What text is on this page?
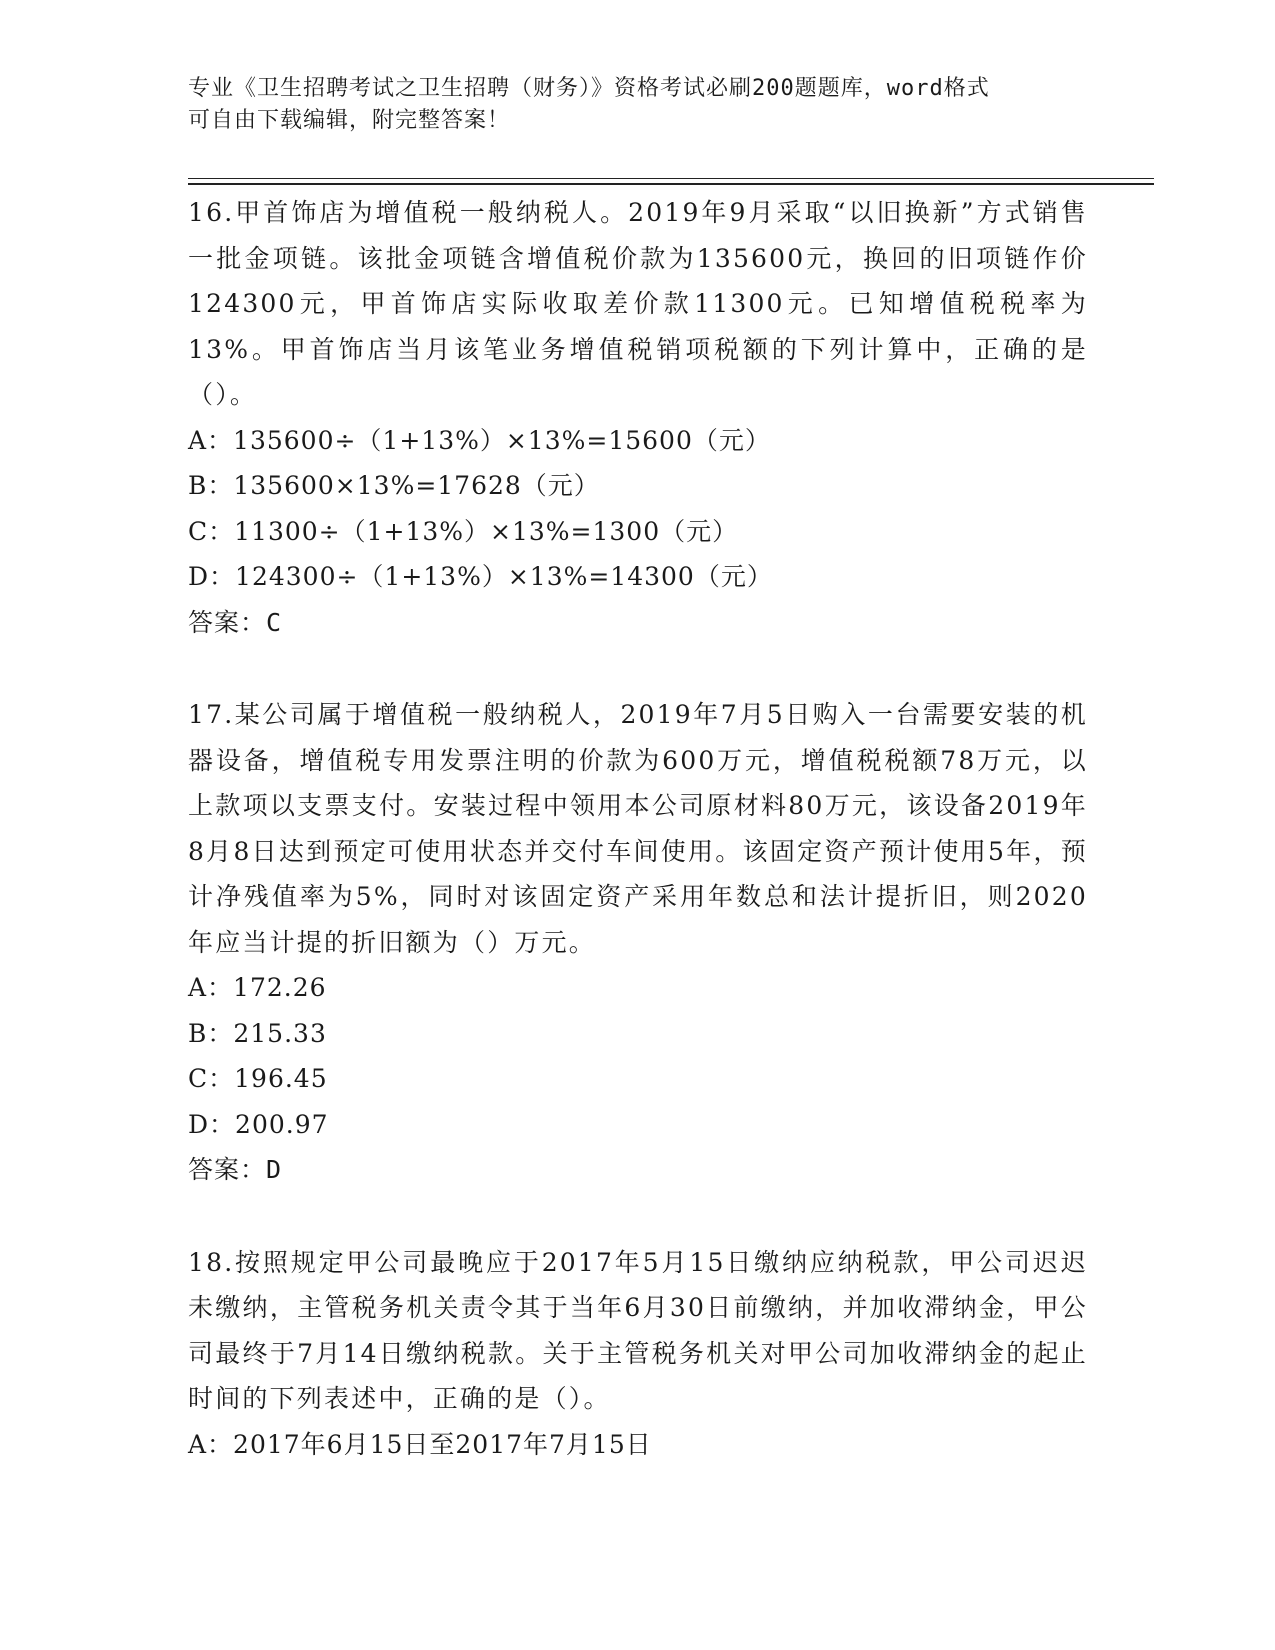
专业《卫生招聘考试之卫生招聘（财务）》资格考试必刷200题题库，word格式
可自由下载编辑，附完整答案！

16.甲首饰店为增值税一般纳税人。2019年9月采取“以旧换新”方式销售一批金项链。该批金项链含增值税价款为135600元，换回的旧项链作价124300元，甲首饰店实际收取差价款11300元。已知增值税税率为13%。甲首饰店当月该笔业务增值税销项税额的下列计算中，正确的是（）。

A：135600÷（1+13%）×13%=15600（元）

B：135600×13%=17628（元）

C：11300÷（1+13%）×13%=1300（元）

D：124300÷（1+13%）×13%=14300（元）

答案：C

17.某公司属于增值税一般纳税人，2019年7月5日购入一台需要安装的机器设备，增值税专用发票注明的价款为600万元，增值税税额78万元，以上款项以支票支付。安装过程中领用本公司原材料80万元，该设备2019年8月8日达到预定可使用状态并交付车间使用。该固定资产预计使用5年，预计净残值率为5%，同时对该固定资产采用年数总和法计提折旧，则2020年应当计提的折旧额为（）万元。

A：172.26

B：215.33

C：196.45

D：200.97

答案：D

18.按照规定甲公司最晚应于2017年5月15日缴纳应纳税款，甲公司迟迟未缴纳，主管税务机关责令其于当年6月30日前缴纳，并加收滞纳金，甲公司最终于7月14日缴纳税款。关于主管税务机关对甲公司加收滞纳金的起止时间的下列表述中，正确的是（）。

A：2017年6月15日至2017年7月15日
